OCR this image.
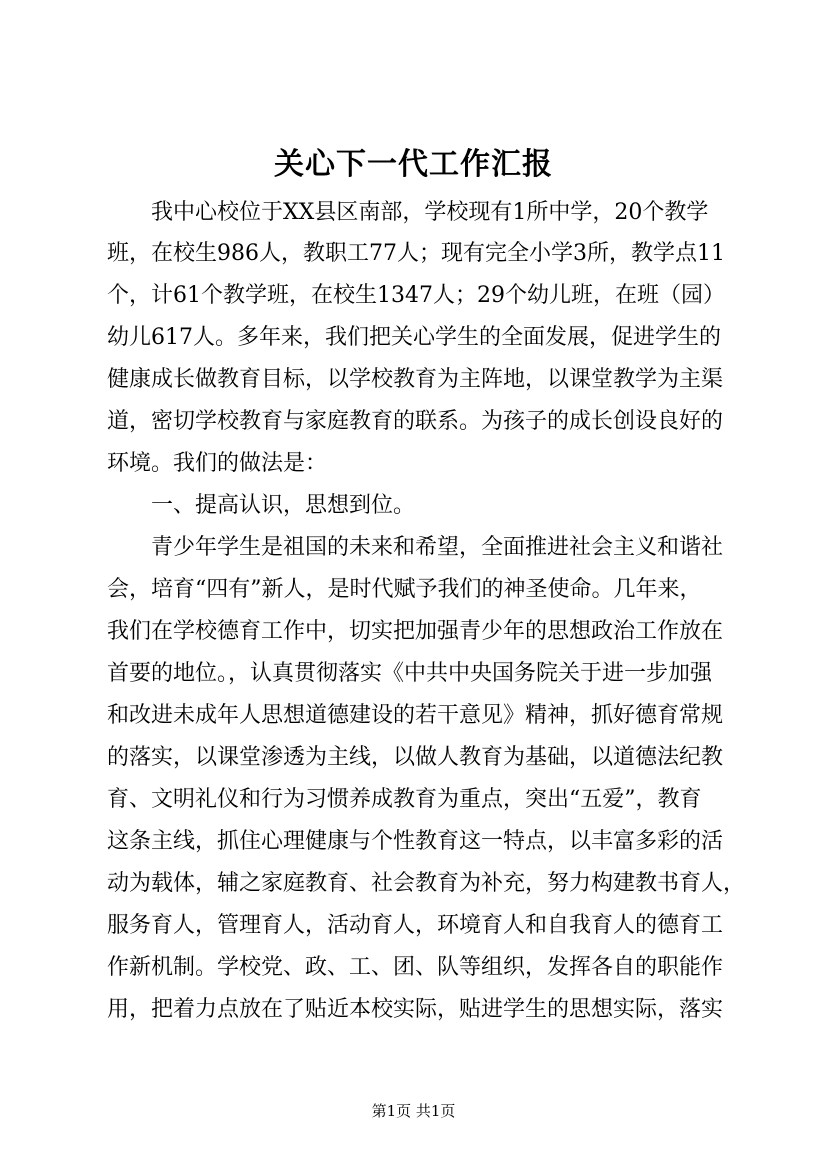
关心下一代工作汇报

　　我中心校位于XX县区南部，学校现有1所中学，20个教学

班，在校生986人，教职工77人；现有完全小学3所，教学点11

个，计61个教学班，在校生1347人；29个幼儿班，在班（园）

幼儿617人。多年来，我们把关心学生的全面发展，促进学生的

健康成长做教育目标，以学校教育为主阵地，以课堂教学为主渠

道，密切学校教育与家庭教育的联系。为孩子的成长创设良好的

环境。我们的做法是：

　　一、提高认识，思想到位。

　　青少年学生是祖国的未来和希望，全面推进社会主义和谐社

会，培育“四有”新人，是时代赋予我们的神圣使命。几年来，

我们在学校德育工作中，切实把加强青少年的思想政治工作放在

首要的地位。，认真贯彻落实《中共中央国务院关于进一步加强

和改进未成年人思想道德建设的若干意见》精神，抓好德育常规

的落实，以课堂渗透为主线，以做人教育为基础，以道德法纪教

育、文明礼仪和行为习惯养成教育为重点，突出“五爱”，教育

这条主线，抓住心理健康与个性教育这一特点，以丰富多彩的活

动为载体，辅之家庭教育、社会教育为补充，努力构建教书育人，

服务育人，管理育人，活动育人，环境育人和自我育人的德育工

作新机制。学校党、政、工、团、队等组织，发挥各自的职能作

用，把着力点放在了贴近本校实际，贴进学生的思想实际，落实

第1页 共1页
